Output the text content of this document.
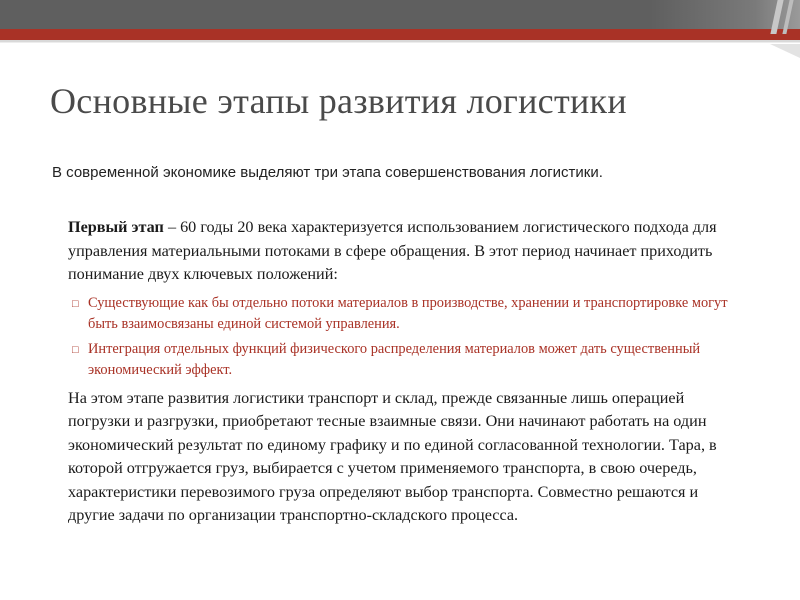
Основные этапы развития логистики
В современной экономике выделяют три этапа совершенствования логистики.

Первый этап – 60 годы 20 века характеризуется использованием логистического подхода для управления материальными потоками в сфере обращения. В этот период начинает приходить понимание двух ключевых положений:

□ Существующие как бы отдельно потоки материалов в производстве, хранении и транспортировке могут быть взаимосвязаны единой системой управления.
□ Интеграция отдельных функций физического распределения материалов может дать существенный экономический эффект.

На этом этапе развития логистики транспорт и склад, прежде связанные лишь операцией погрузки и разгрузки, приобретают тесные взаимные связи. Они начинают работать на один экономический результат по единому графику и по единой согласованной технологии. Тара, в которой отгружается груз, выбирается с учетом применяемого транспорта, в свою очередь, характеристики перевозимого груза определяют выбор транспорта. Совместно решаются и другие задачи по организации транспортно-складского процесса.
